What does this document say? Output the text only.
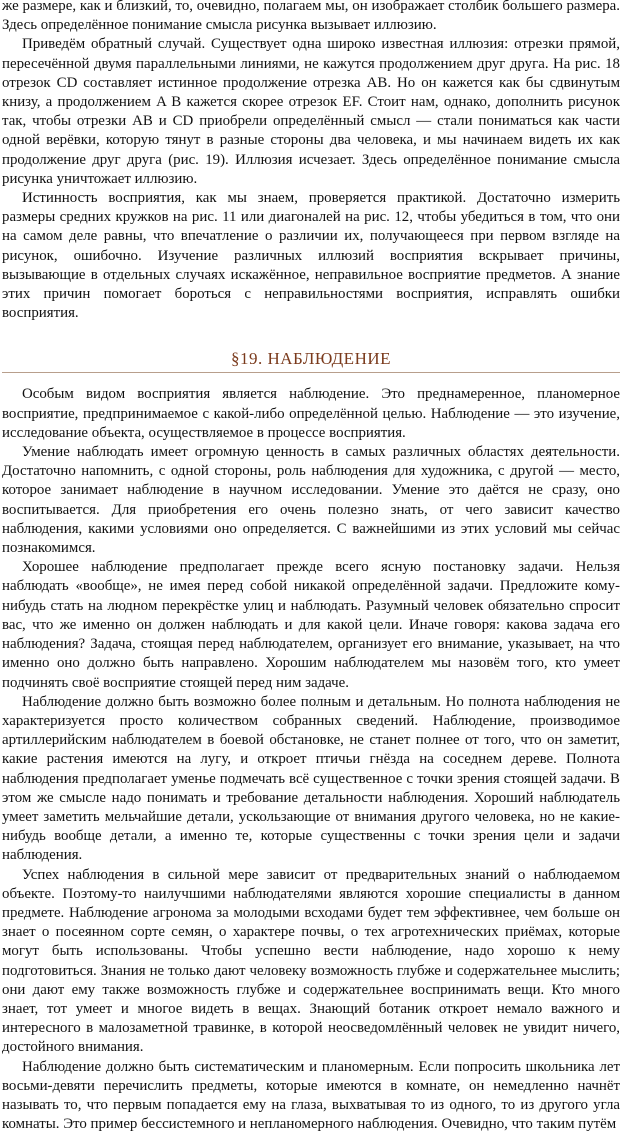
же размере, как и близкий, то, очевидно, полагаем мы, он изображает столбик большего размера. Здесь определённое понимание смысла рисунка вызывает иллюзию.

Приведём обратный случай. Существует одна широко известная иллюзия: отрезки прямой, пересечённой двумя параллельными линиями, не кажутся продолжением друг друга. На рис. 18 отрезок CD составляет истинное продолжение отрезка AB. Но он кажется как бы сдвинутым книзу, а продолжением A B кажется скорее отрезок EF. Стоит нам, однако, дополнить рисунок так, чтобы отрезки AB и CD приобрели определённый смысл — стали пониматься как части одной верёвки, которую тянут в разные стороны два человека, и мы начинаем видеть их как продолжение друг друга (рис. 19). Иллюзия исчезает. Здесь определённое понимание смысла рисунка уничтожает иллюзию.

Истинность восприятия, как мы знаем, проверяется практикой. Достаточно измерить размеры средних кружков на рис. 11 или диагоналей на рис. 12, чтобы убедиться в том, что они на самом деле равны, что впечатление о различии их, получающееся при первом взгляде на рисунок, ошибочно. Изучение различных иллюзий восприятия вскрывает причины, вызывающие в отдельных случаях искажённое, неправильное восприятие предметов. А знание этих причин помогает бороться с неправильностями восприятия, исправлять ошибки восприятия.

§19. НАБЛЮДЕНИЕ

Особым видом восприятия является наблюдение. Это преднамеренное, планомерное восприятие, предпринимаемое с какой-либо определённой целью. Наблюдение — это изучение, исследование объекта, осуществляемое в процессе восприятия.

Умение наблюдать имеет огромную ценность в самых различных областях деятельности. Достаточно напомнить, с одной стороны, роль наблюдения для художника, с другой — место, которое занимает наблюдение в научном исследовании. Умение это даётся не сразу, оно воспитывается. Для приобретения его очень полезно знать, от чего зависит качество наблюдения, какими условиями оно определяется. С важнейшими из этих условий мы сейчас познакомимся.

Хорошее наблюдение предполагает прежде всего ясную постановку задачи. Нельзя наблюдать «вообще», не имея перед собой никакой определённой задачи. Предложите кому-нибудь стать на людном перекрёстке улиц и наблюдать. Разумный человек обязательно спросит вас, что же именно он должен наблюдать и для какой цели. Иначе говоря: какова задача его наблюдения? Задача, стоящая перед наблюдателем, организует его внимание, указывает, на что именно оно должно быть направлено. Хорошим наблюдателем мы назовём того, кто умеет подчинять своё восприятие стоящей перед ним задаче.

Наблюдение должно быть возможно более полным и детальным. Но полнота наблюдения не характеризуется просто количеством собранных сведений. Наблюдение, производимое артиллерийским наблюдателем в боевой обстановке, не станет полнее от того, что он заметит, какие растения имеются на лугу, и откроет птичьи гнёзда на соседнем дереве. Полнота наблюдения предполагает уменье подмечать всё существенное с точки зрения стоящей задачи. В этом же смысле надо понимать и требование детальности наблюдения. Хороший наблюдатель умеет заметить мельчайшие детали, ускользающие от внимания другого человека, но не какие-нибудь вообще детали, а именно те, которые существенны с точки зрения цели и задачи наблюдения.

Успех наблюдения в сильной мере зависит от предварительных знаний о наблюдаемом объекте. Поэтому-то наилучшими наблюдателями являются хорошие специалисты в данном предмете. Наблюдение агронома за молодыми всходами будет тем эффективнее, чем больше он знает о посеянном сорте семян, о характере почвы, о тех агротехнических приёмах, которые могут быть использованы. Чтобы успешно вести наблюдение, надо хорошо к нему подготовиться. Знания не только дают человеку возможность глубже и содержательнее мыслить; они дают ему также возможность глубже и содержательнее воспринимать вещи. Кто много знает, тот умеет и многое видеть в вещах. Знающий ботаник откроет немало важного и интересного в малозаметной травинке, в которой неосведомлённый человек не увидит ничего, достойного внимания.

Наблюдение должно быть систематическим и планомерным. Если попросить школьника лет восьми-девяти перечислить предметы, которые имеются в комнате, он немедленно начнёт называть то, что первым попадается ему на глаза, выхватывая то из одного, то из другого угла комнаты. Это пример бессистемного и непланомерного наблюдения. Очевидно, что таким путём
